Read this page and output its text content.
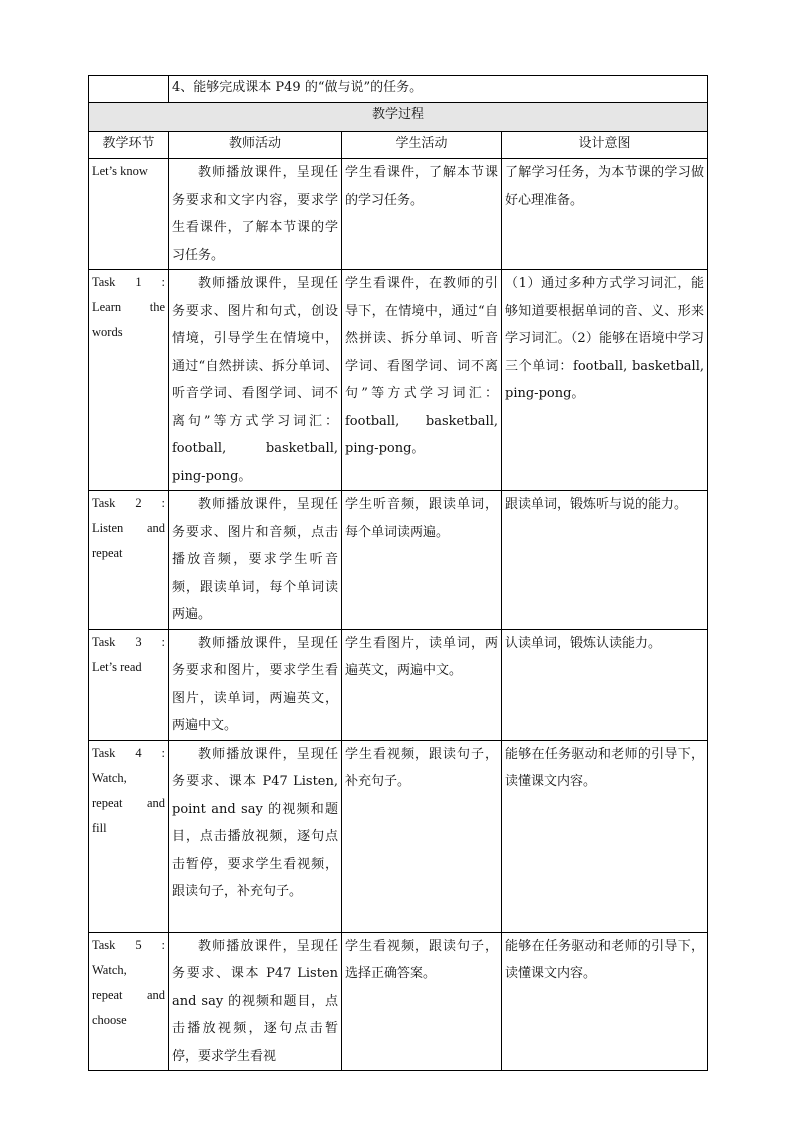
	4、能够完成课本 P49 的“做与说”的任务。		
教学过程			
教学环节	教师活动	学生活动	设计意图

Let’s know	教师播放课件，呈现任务要求和文字内容，要求学生看课件，了解本节课的学习任务。	学生看课件，了解本节课的学习任务。	了解学习任务，为本节课的学习做好心理准备。

Task 1 :
Learn the
words	教师播放课件，呈现任务要求、图片和句式，创设情境，引导学生在情境中，通过“自然拼读、拆分单词、听音学词、看图学词、词不离句”等方式学习词汇：football, basketball, ping-pong。	学生看课件，在教师的引导下，在情境中，通过“自然拼读、拆分单词、听音学词、看图学词、词不离句”等方式学习词汇：football, basketball, ping-pong。	（1）通过多种方式学习词汇，能够知道要根据单词的音、义、形来学习词汇。（2）能够在语境中学习三个单词：football, basketball, ping-pong。

Task 2 :
Listen and
repeat	教师播放课件，呈现任务要求、图片和音频，点击播放音频，要求学生听音频，跟读单词，每个单词读两遍。	学生听音频，跟读单词，每个单词读两遍。	跟读单词，锻炼听与说的能力。

Task 3 :
Let’s read	教师播放课件，呈现任务要求和图片，要求学生看图片，读单词，两遍英文，两遍中文。	学生看图片，读单词，两遍英文，两遍中文。	认读单词，锻炼认读能力。

Task 4 :
Watch,
repeat and
fill	教师播放课件，呈现任务要求、课本 P47 Listen, point and say 的视频和题目，点击播放视频，逐句点击暂停，要求学生看视频，跟读句子，补充句子。	学生看视频，跟读句子，补充句子。	能够在任务驱动和老师的引导下，读懂课文内容。

Task 5 :
Watch,
repeat and
choose	教师播放课件，呈现任务要求、课本 P47 Listen and say 的视频和题目，点击播放视频，逐句点击暂停，要求学生看视	学生看视频，跟读句子，选择正确答案。	能够在任务驱动和老师的引导下，读懂课文内容。
